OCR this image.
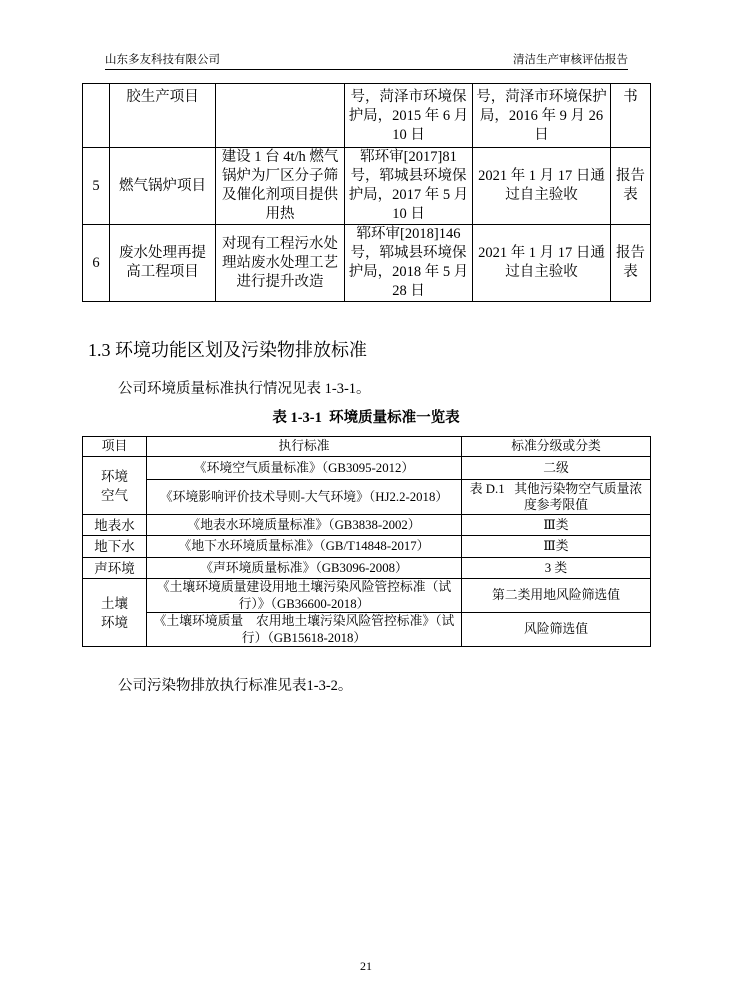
山东多友科技有限公司	清洁生产审核评估报告

	胶生产项目		号，菏泽市环境保
护局，2015 年 6 月
10 日	号，菏泽市环境保护
局，2016 年 9 月 26
日	书

5	燃气锅炉项目	建设 1 台 4t/h 燃气
锅炉为厂区分子筛
及催化剂项目提供
用热	郓环审[2017]81
号，郓城县环境保
护局，2017 年 5 月
10 日	2021 年 1 月 17 日通
过自主验收	报告
表

6	废水处理再提
高工程项目	对现有工程污水处
理站废水处理工艺
进行提升改造	郓环审[2018]146
号，郓城县环境保
护局，2018 年 5 月
28 日	2021 年 1 月 17 日通
过自主验收	报告
表
1.3 环境功能区划及污染物排放标准
公司环境质量标准执行情况见表 1-3-1。
表 1-3-1  环境质量标准一览表
项目	执行标准	标准分级或分类

环境
空气	《环境空气质量标准》（GB3095-2012）	二级

	《环境影响评价技术导则-大气环境》（HJ2.2-2018）	表 D.1   其他污染物空气质量浓
度参考限值

地表水	《地表水环境质量标准》（GB3838-2002）	Ⅲ类

地下水	《地下水环境质量标准》（GB/T14848-2017）	Ⅲ类

声环境	《声环境质量标准》（GB3096-2008）	3 类

土壤
环境	《土壤环境质量建设用地土壤污染风险管控标准（试
行）》（GB36600-2018）	第二类用地风险筛选值

	《土壤环境质量　农用地土壤污染风险管控标准》（试
行）（GB15618-2018）	风险筛选值
公司污染物排放执行标准见表1-3-2。
21
